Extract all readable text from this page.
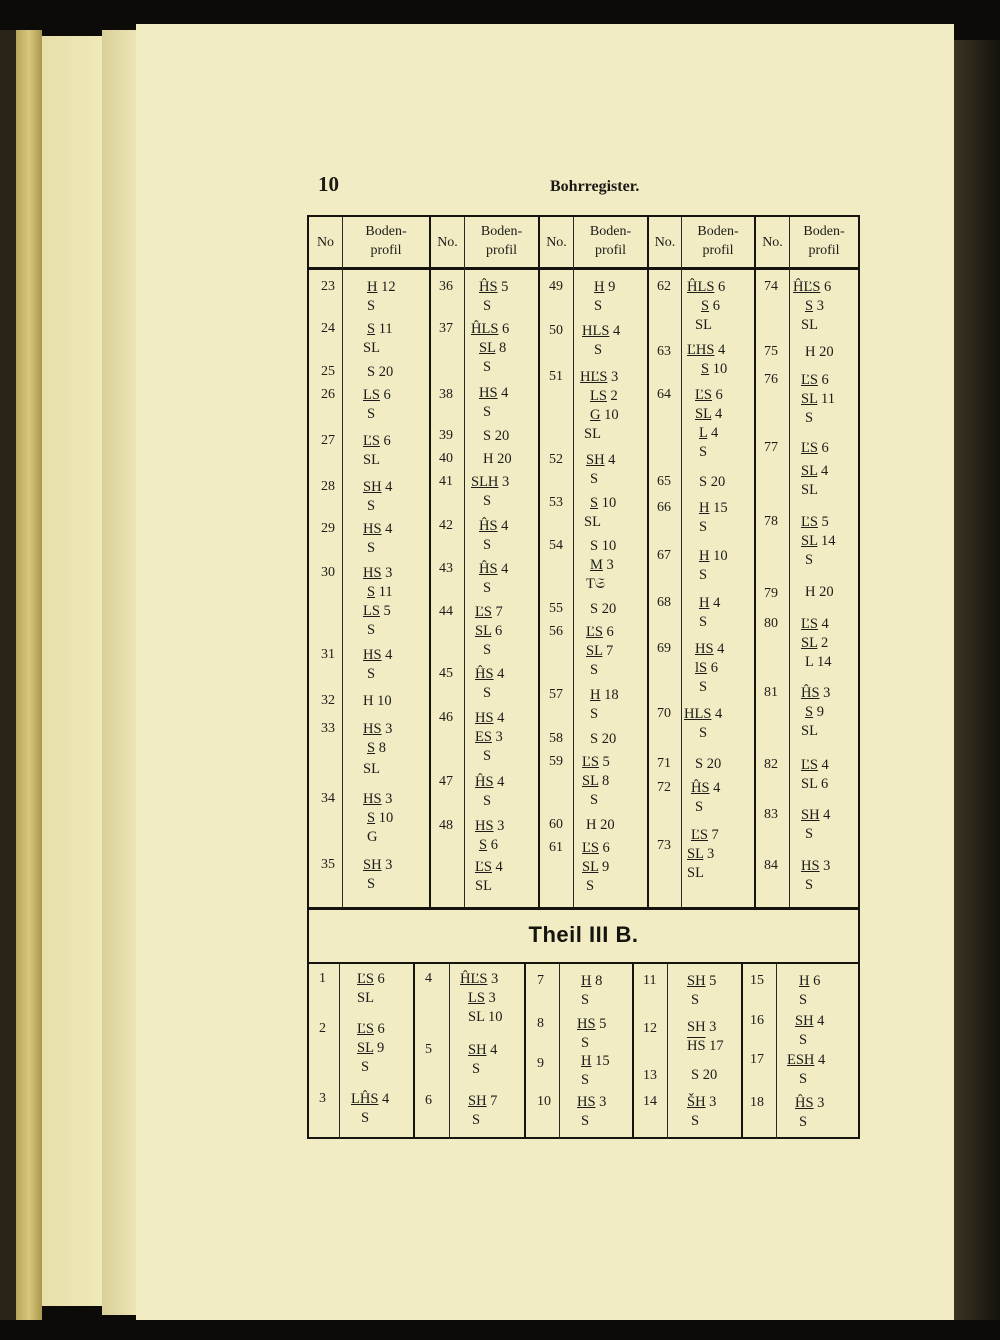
10	Bohrregister.
No
Boden-
profil
No.
Boden-
profil
No.
Boden-
profil
No.
Boden-
profil
No.
Boden-
profil
Theil III B.
23
24
25
26
27
28
29
30
31
32
33
34
35
36
37
38
39
40
41
42
43
44
45
46
47
48
49
50
51
52
53
54
55
56
57
58
59
60
61
62
63
64
65
66
67
68
69
70
71
72
73
74
75
76
77
78
79
80
81
82
83
84
1
2
3
4
5
6
7
8
9
10
11
12
13
14
15
16
17
18
H 12
S
S 11
SL
S 20
LS 6
S
ĽS 6
SL
SH 4
S
HS 4
S
HS 3
S 11
LS 5
S
HS 4
S
H 10
HS 3
S 8
SL
HS 3
S 10
G
SH 3
S
ĤS 5
S
ĤLS 6
SL 8
S
HS 4
S
S 20
H 20
SLH 3
S
ĤS 4
S
ĤS 4
S
ĽS 7
SL 6
S
ĤS 4
S
HS 4
ES 3
S
ĤS 4
S
HS 3
S 6
ĽS 4
SL
H 9
S
HLS 4
S
HĽS 3
LS 2
G 10
SL
SH 4
S
S 10
SL
S 10
M 3
T𝔖
S 20
ĽS 6
SL 7
S
H 18
S
S 20
ĽS 5
SL 8
S
H 20
ĽS 6
SL 9
S
ĤLS 6
S 6
SL
ĽHS 4
S 10
ĽS 6
SL 4
L 4
S
S 20
H 15
S
H 10
S
H 4
S
HS 4
lS 6
S
HLS 4
S
S 20
ĤS 4
S
ĽS 7
SL 3
SL
ĤĽS 6
S 3
SL
H 20
ĽS 6
SL 11
S
ĽS 6
SL 4
SL
ĽS 5
SL 14
S
H 20
ĽS 4
SL 2
L 14
ĤS 3
S 9
SL
ĽS 4
SL 6
SH 4
S
HS 3
S
ĽS 6
SL
ĽS 6
SL 9
S
LĤS 4
S
ĤĽS 3
LS 3
SL 10
SH 4
S
SH 7
S
H 8
S
HS 5
S
H 15
S
HS 3
S
SH 5
S
SH 3
$\overline{HS}$ 17
S 20
ŠH 3
S
H 6
S
SH 4
S
ESH 4
S
ĤS 3
S
